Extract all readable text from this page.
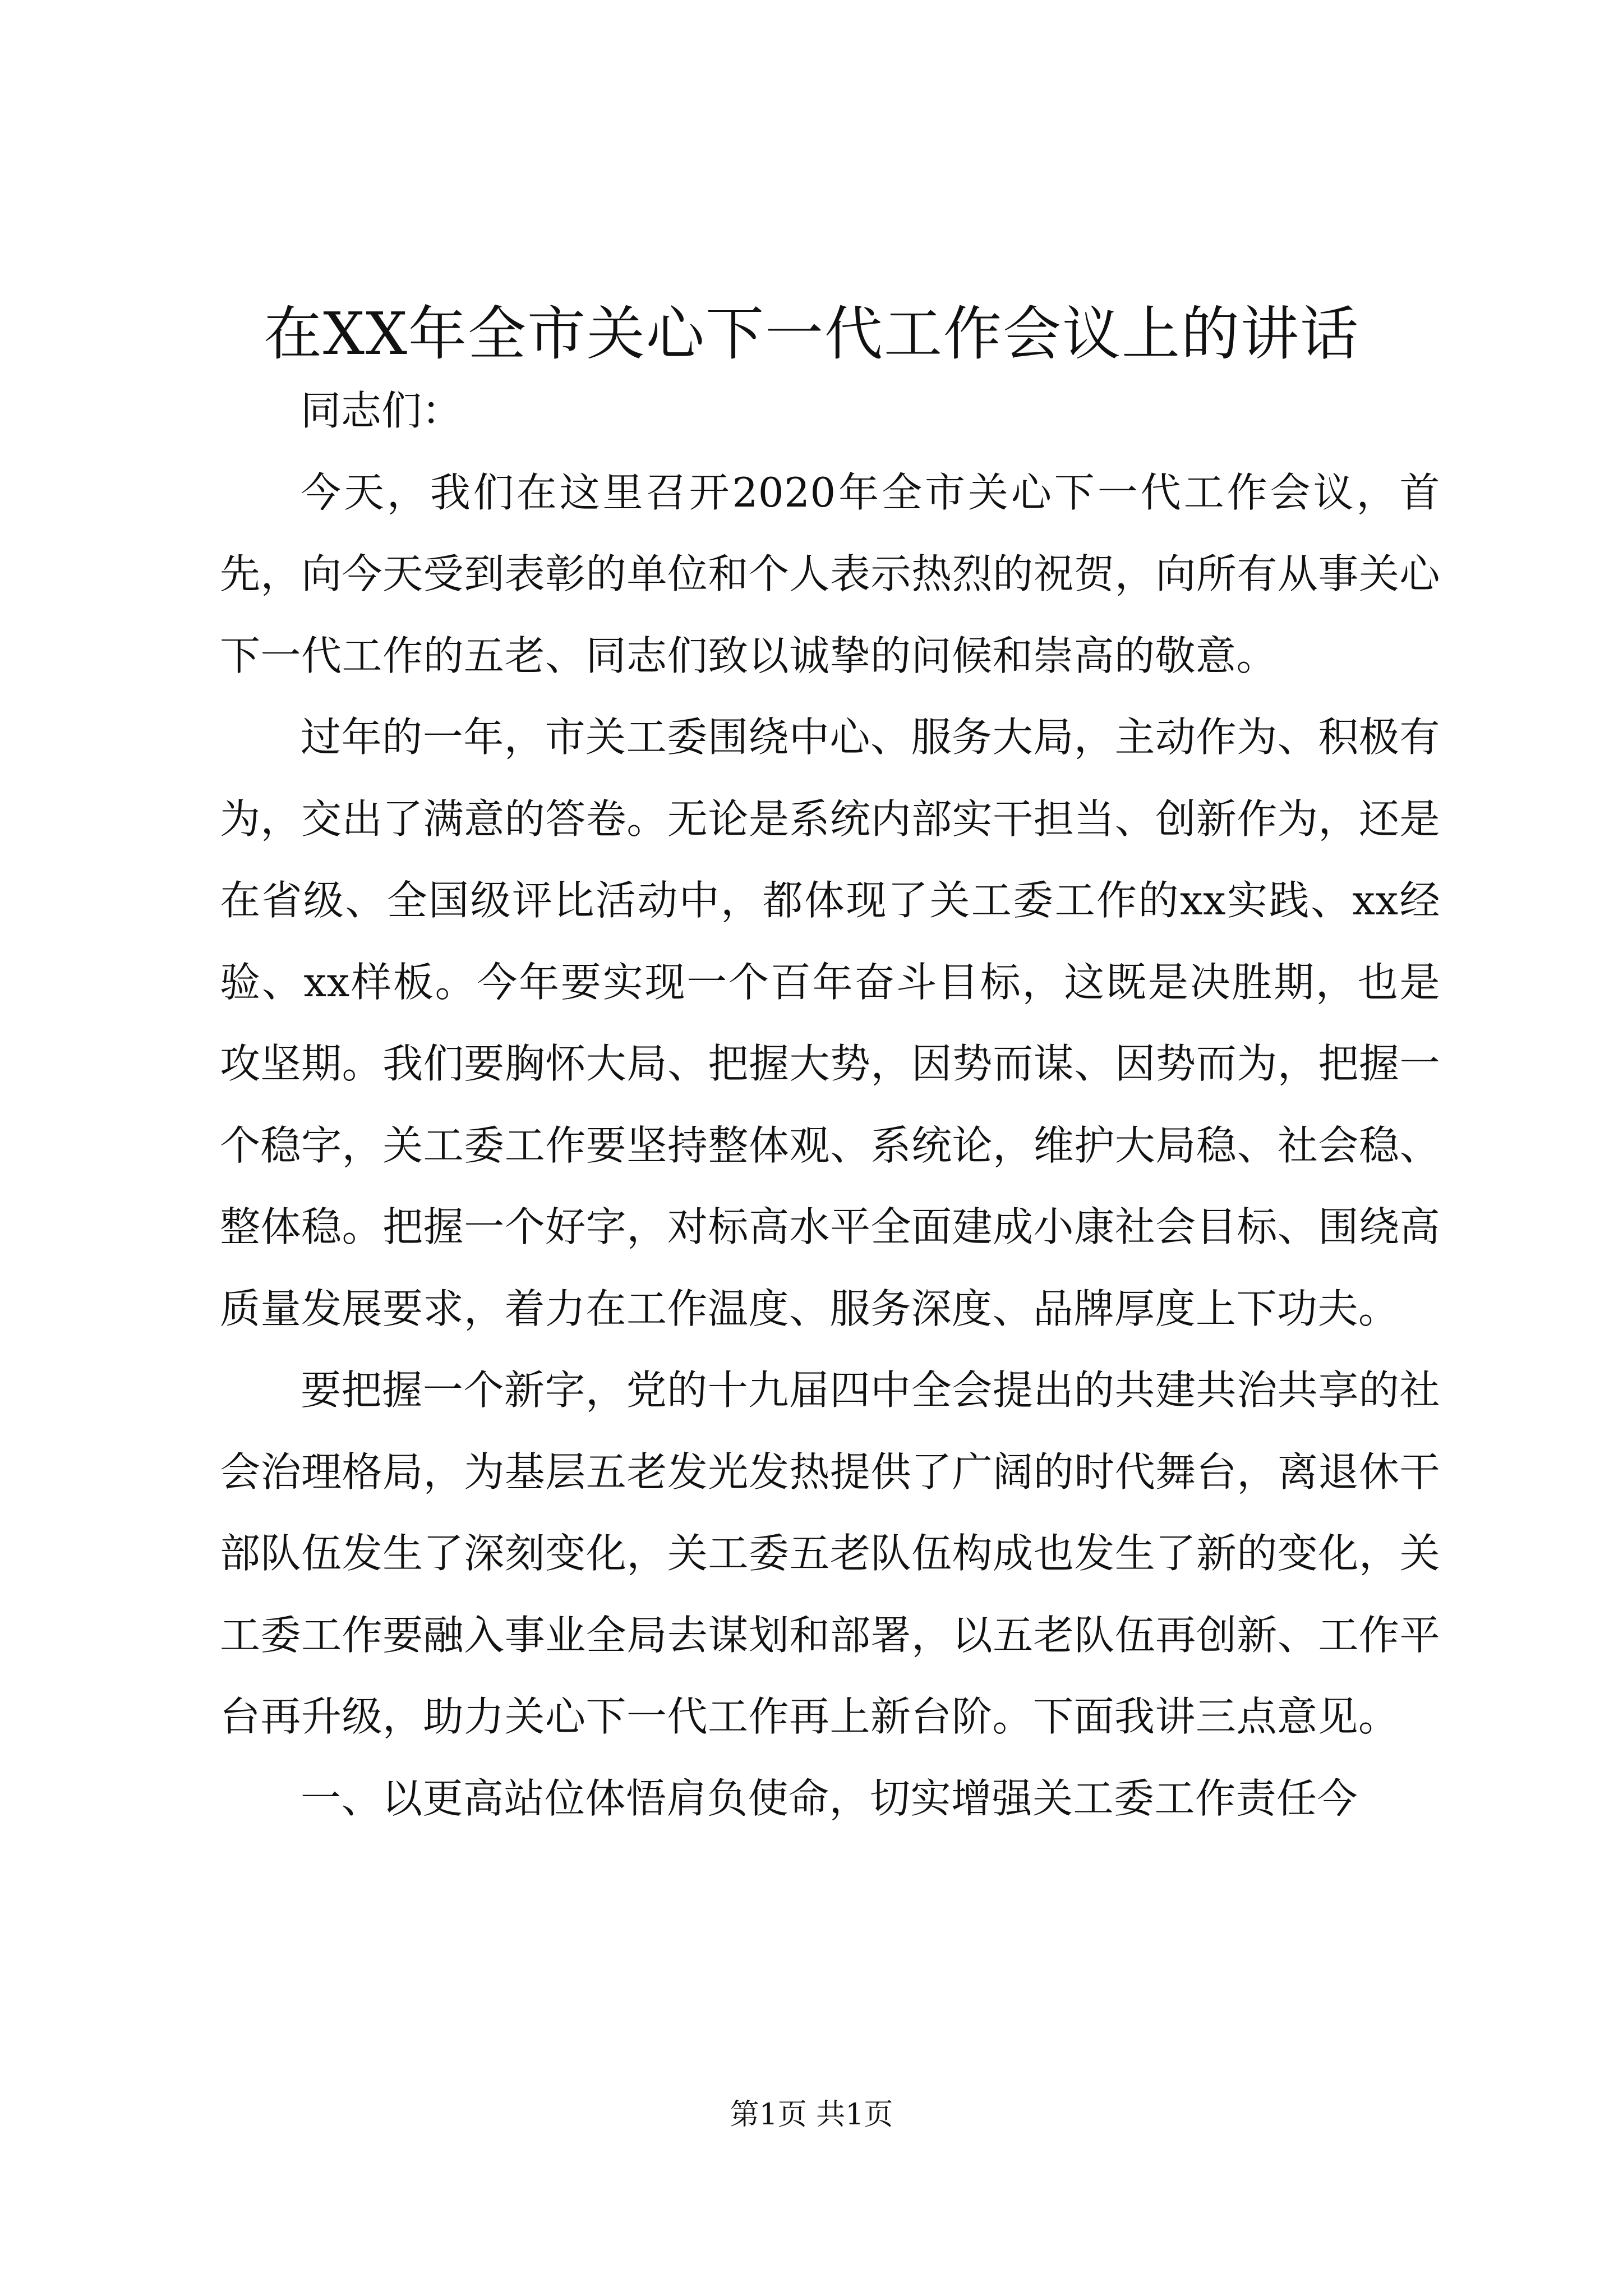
在XX年全市关心下一代工作会议上的讲话

同志们：

今天，我们在这里召开2020年全市关心下一代工作会议，首先，向今天受到表彰的单位和个人表示热烈的祝贺，向所有从事关心下一代工作的五老、同志们致以诚挚的问候和崇高的敬意。

过年的一年，市关工委围绕中心、服务大局，主动作为、积极有为，交出了满意的答卷。无论是系统内部实干担当、创新作为，还是在省级、全国级评比活动中，都体现了关工委工作的xx实践、xx经验、xx样板。今年要实现一个百年奋斗目标，这既是决胜期，也是攻坚期。我们要胸怀大局、把握大势，因势而谋、因势而为，把握一个稳字，关工委工作要坚持整体观、系统论，维护大局稳、社会稳、整体稳。把握一个好字，对标高水平全面建成小康社会目标、围绕高质量发展要求，着力在工作温度、服务深度、品牌厚度上下功夫。

要把握一个新字，党的十九届四中全会提出的共建共治共享的社会治理格局，为基层五老发光发热提供了广阔的时代舞台，离退休干部队伍发生了深刻变化，关工委五老队伍构成也发生了新的变化，关工委工作要融入事业全局去谋划和部署，以五老队伍再创新、工作平台再升级，助力关心下一代工作再上新台阶。下面我讲三点意见。

一、以更高站位体悟肩负使命，切实增强关工委工作责任今

第1页 共1页
